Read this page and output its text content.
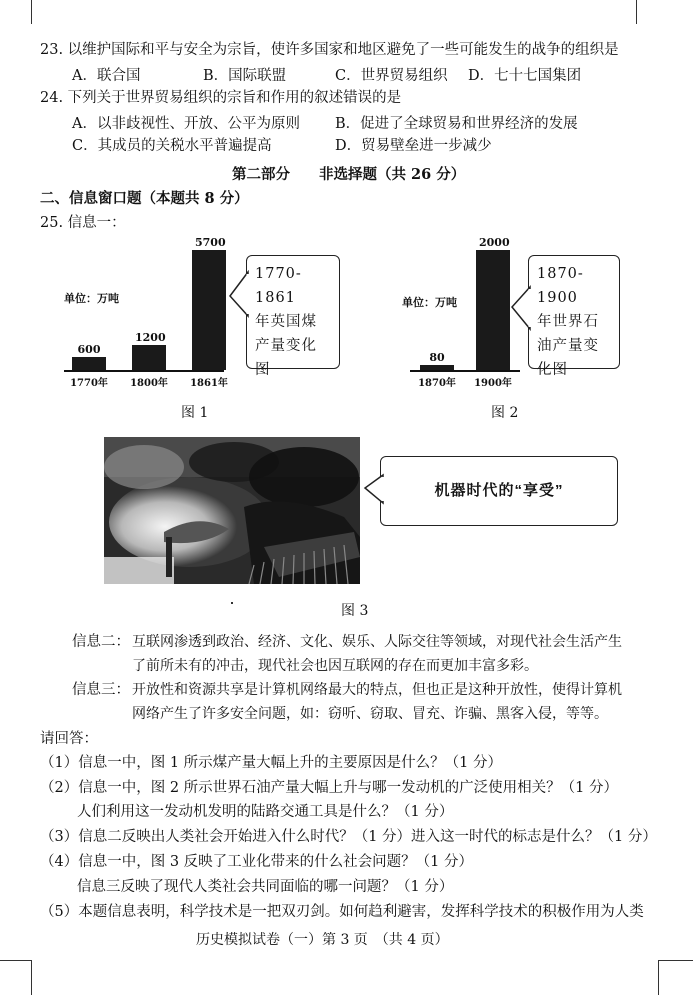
23. 以维护国际和平与安全为宗旨，使许多国家和地区避免了一些可能发生的战争的组织是
A．联合国	B．国际联盟	C．世界贸易组织 D．七十七国集团
24. 下列关于世界贸易组织的宗旨和作用的叙述错误的是
A．以非歧视性、开放、公平为原则 B．促进了全球贸易和世界经济的发展
C．其成员的关税水平普遍提高	D．贸易壁垒进一步减少
第二部分　　非选择题（共 26 分）
二、信息窗口题（本题共 8 分）
25. 信息一：
单位：万吨
600
1770年
1200
1800年
5700
1861年
1770-1861
年英国煤
产量变化
图
图 1
单位：万吨
80
1870年
2000
1900年
1870-1900
年世界石
油产量变
化图
图 2
机器时代的“享受”
图 3
信息二： 互联网渗透到政治、经济、文化、娱乐、人际交往等领域，对现代社会生活产生
了前所未有的冲击，现代社会也因互联网的存在而更加丰富多彩。
信息三： 开放性和资源共享是计算机网络最大的特点，但也正是这种开放性，使得计算机
网络产生了许多安全问题，如：窃听、窃取、冒充、诈骗、黑客入侵，等等。
请回答：
（1）信息一中，图 1 所示煤产量大幅上升的主要原因是什么？（1 分）
（2）信息一中，图 2 所示世界石油产量大幅上升与哪一发动机的广泛使用相关？（1 分）
人们利用这一发动机发明的陆路交通工具是什么？（1 分）
（3）信息二反映出人类社会开始进入什么时代？（1 分）进入这一时代的标志是什么？（1 分）
（4）信息一中，图 3 反映了工业化带来的什么社会问题？（1 分）
信息三反映了现代人类社会共同面临的哪一问题？（1 分）
（5）本题信息表明，科学技术是一把双刃剑。如何趋利避害，发挥科学技术的积极作用为人类
历史模拟试卷（一）第 3 页　（共 4 页）
